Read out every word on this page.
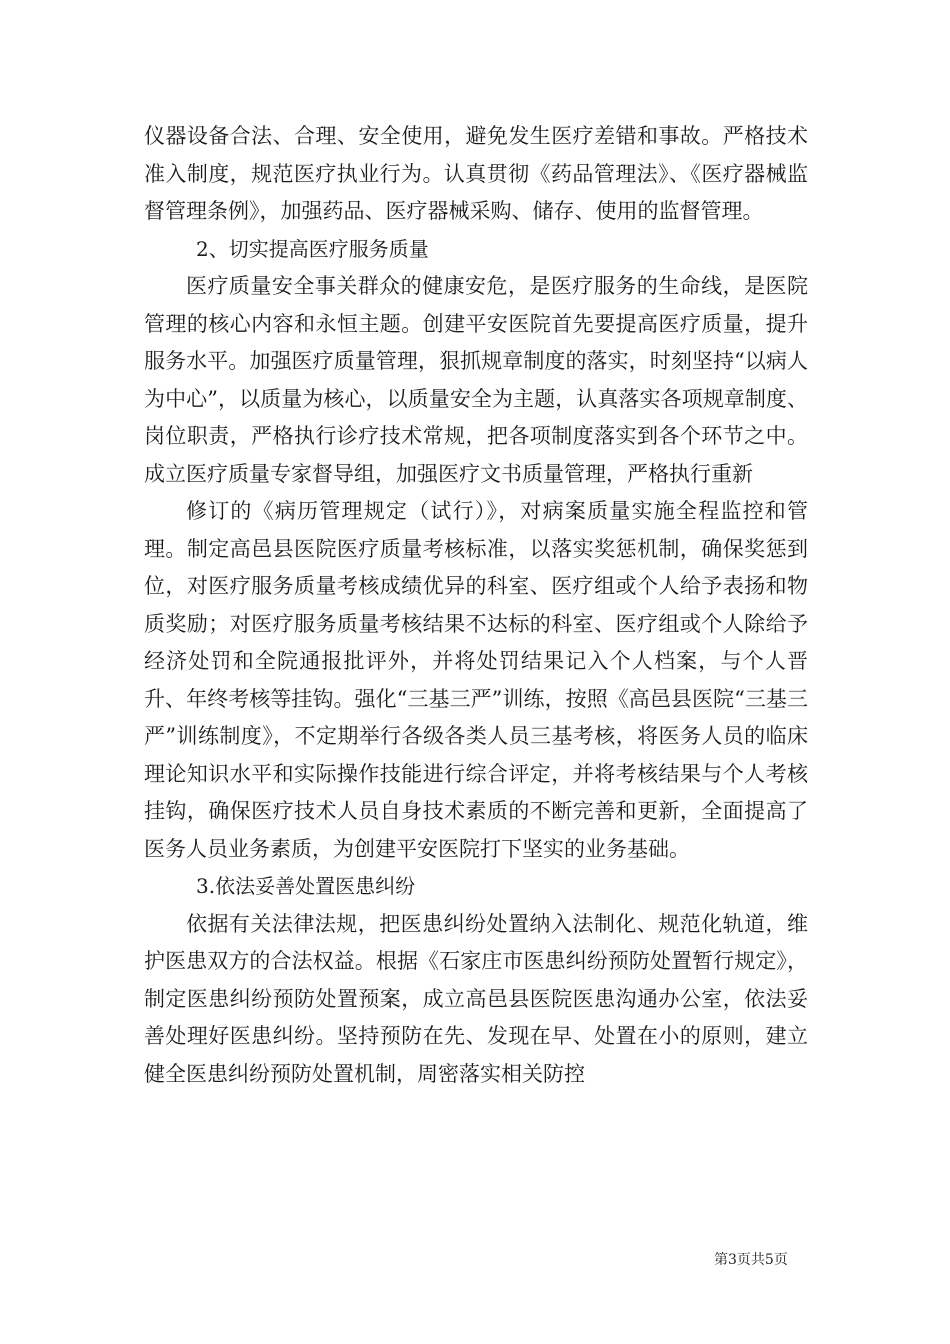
仪器设备合法、合理、安全使用，避免发生医疗差错和事故。严格技术准入制度，规范医疗执业行为。认真贯彻《药品管理法》、《医疗器械监督管理条例》，加强药品、医疗器械采购、储存、使用的监督管理。

2、切实提高医疗服务质量

医疗质量安全事关群众的健康安危，是医疗服务的生命线，是医院管理的核心内容和永恒主题。创建平安医院首先要提高医疗质量，提升服务水平。加强医疗质量管理，狠抓规章制度的落实，时刻坚持“以病人为中心”，以质量为核心，以质量安全为主题，认真落实各项规章制度、岗位职责，严格执行诊疗技术常规，把各项制度落实到各个环节之中。成立医疗质量专家督导组，加强医疗文书质量管理，严格执行重新

修订的《病历管理规定（试行）》，对病案质量实施全程监控和管理。制定高邑县医院医疗质量考核标准，以落实奖惩机制，确保奖惩到位，对医疗服务质量考核成绩优异的科室、医疗组或个人给予表扬和物质奖励；对医疗服务质量考核结果不达标的科室、医疗组或个人除给予经济处罚和全院通报批评外，并将处罚结果记入个人档案，与个人晋升、年终考核等挂钩。强化“三基三严”训练，按照《高邑县医院“三基三严”训练制度》，不定期举行各级各类人员三基考核，将医务人员的临床理论知识水平和实际操作技能进行综合评定，并将考核结果与个人考核挂钩，确保医疗技术人员自身技术素质的不断完善和更新，全面提高了医务人员业务素质，为创建平安医院打下坚实的业务基础。

3.依法妥善处置医患纠纷

依据有关法律法规，把医患纠纷处置纳入法制化、规范化轨道，维护医患双方的合法权益。根据《石家庄市医患纠纷预防处置暂行规定》，制定医患纠纷预防处置预案，成立高邑县医院医患沟通办公室，依法妥善处理好医患纠纷。坚持预防在先、发现在早、处置在小的原则，建立健全医患纠纷预防处置机制，周密落实相关防控

第3页共5页
